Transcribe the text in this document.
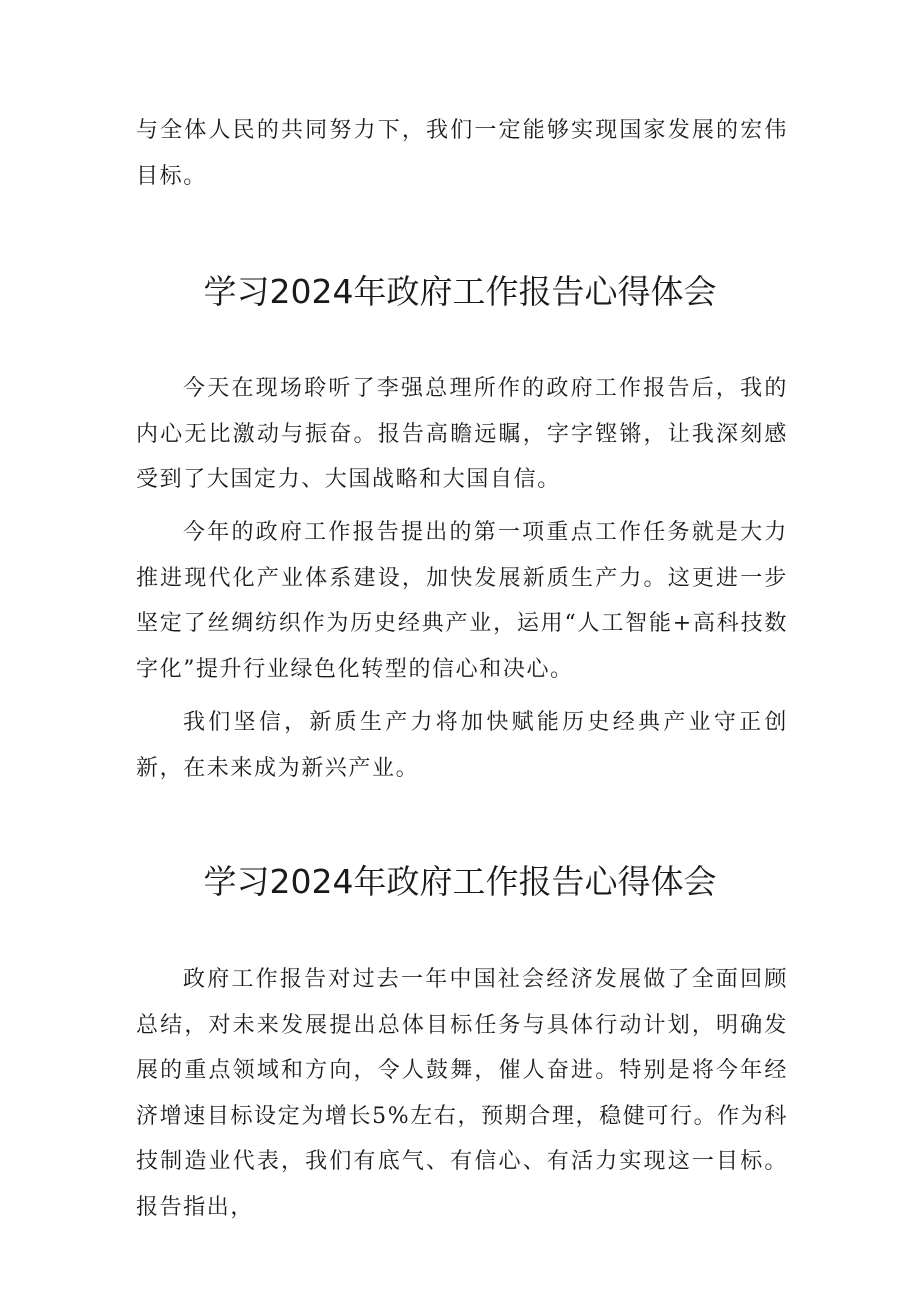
与全体人民的共同努力下，我们一定能够实现国家发展的宏伟目标。

学习2024年政府工作报告心得体会

今天在现场聆听了李强总理所作的政府工作报告后，我的内心无比激动与振奋。报告高瞻远瞩，字字铿锵，让我深刻感受到了大国定力、大国战略和大国自信。

今年的政府工作报告提出的第一项重点工作任务就是大力推进现代化产业体系建设，加快发展新质生产力。这更进一步坚定了丝绸纺织作为历史经典产业，运用“人工智能+高科技数字化”提升行业绿色化转型的信心和决心。

我们坚信，新质生产力将加快赋能历史经典产业守正创新，在未来成为新兴产业。

学习2024年政府工作报告心得体会

政府工作报告对过去一年中国社会经济发展做了全面回顾总结，对未来发展提出总体目标任务与具体行动计划，明确发展的重点领域和方向，令人鼓舞，催人奋进。特别是将今年经济增速目标设定为增长5%左右，预期合理，稳健可行。作为科技制造业代表，我们有底气、有信心、有活力实现这一目标。报告指出，
